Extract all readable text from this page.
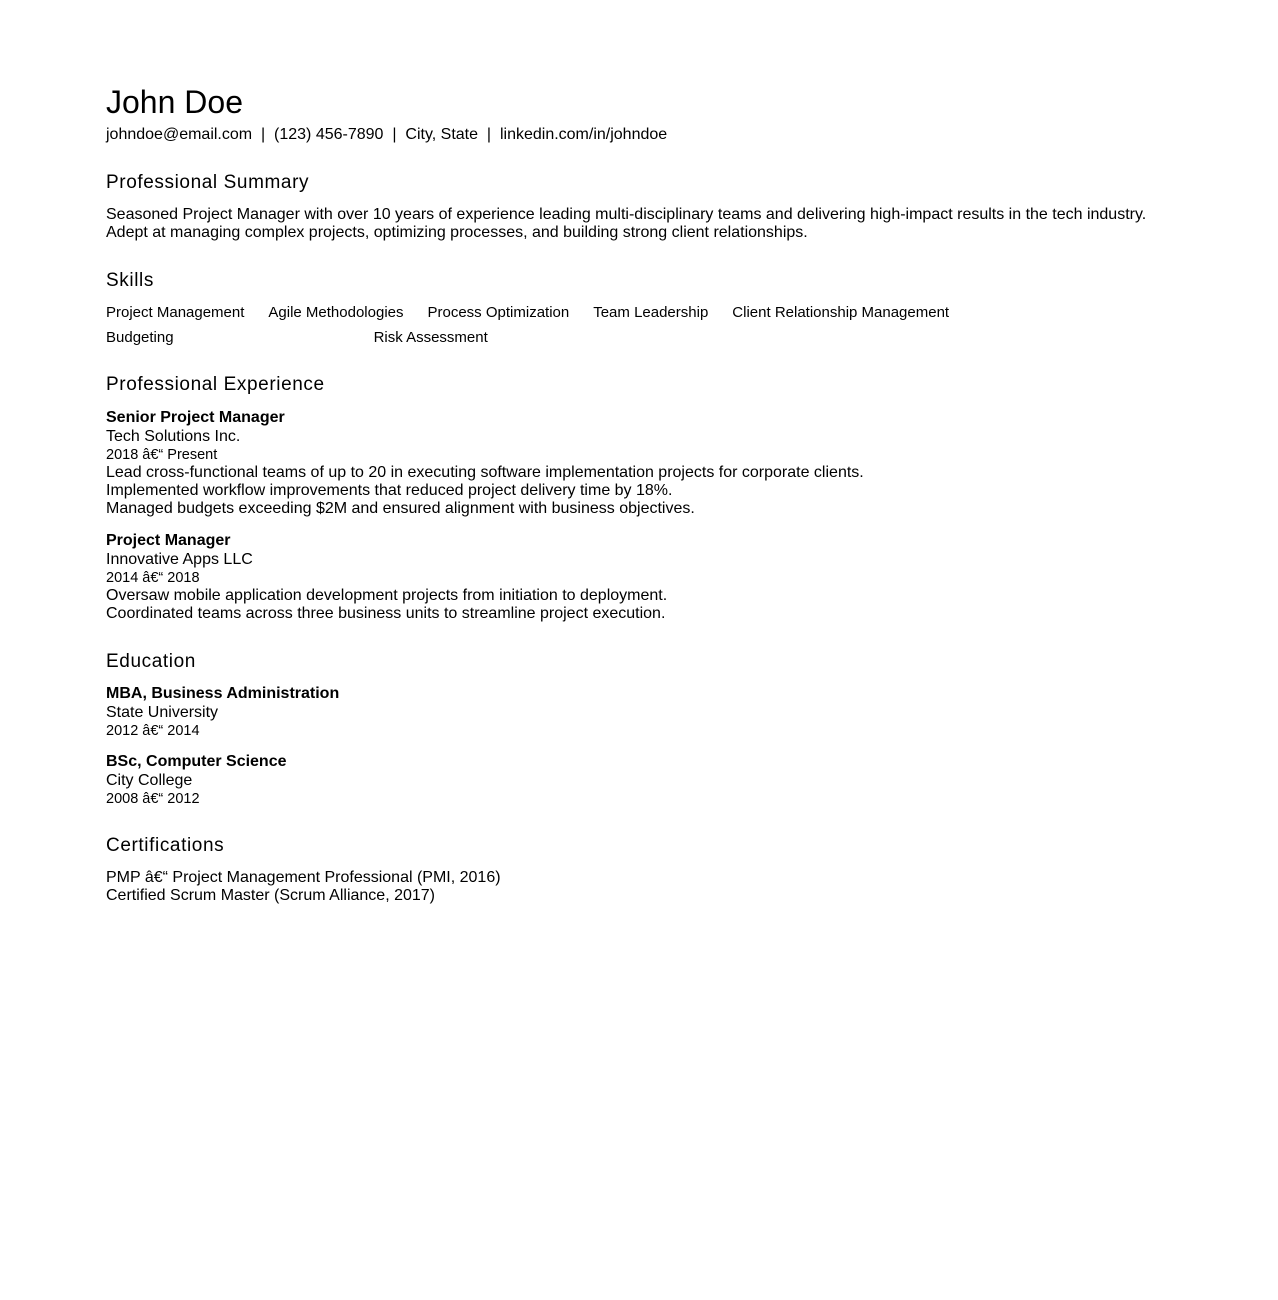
John Doe
johndoe@email.com  |  (123) 456-7890  |  City, State  |  linkedin.com/in/johndoe
Professional Summary
Seasoned Project Manager with over 10 years of experience leading multi-disciplinary teams and delivering high-impact results in the tech industry.
Adept at managing complex projects, optimizing processes, and building strong client relationships.
Skills
Project Management Agile Methodologies Process Optimization Team Leadership Client Relationship Management
Budgeting	Risk Assessment
Professional Experience
Senior Project Manager
Tech Solutions Inc.
2018 â€“ Present
Lead cross-functional teams of up to 20 in executing software implementation projects for corporate clients.
Implemented workflow improvements that reduced project delivery time by 18%.
Managed budgets exceeding $2M and ensured alignment with business objectives.
Project Manager
Innovative Apps LLC
2014 â€“ 2018
Oversaw mobile application development projects from initiation to deployment.
Coordinated teams across three business units to streamline project execution.
Education
MBA, Business Administration
State University
2012 â€“ 2014
BSc, Computer Science
City College
2008 â€“ 2012
Certifications
PMP â€“ Project Management Professional (PMI, 2016)
Certified Scrum Master (Scrum Alliance, 2017)
